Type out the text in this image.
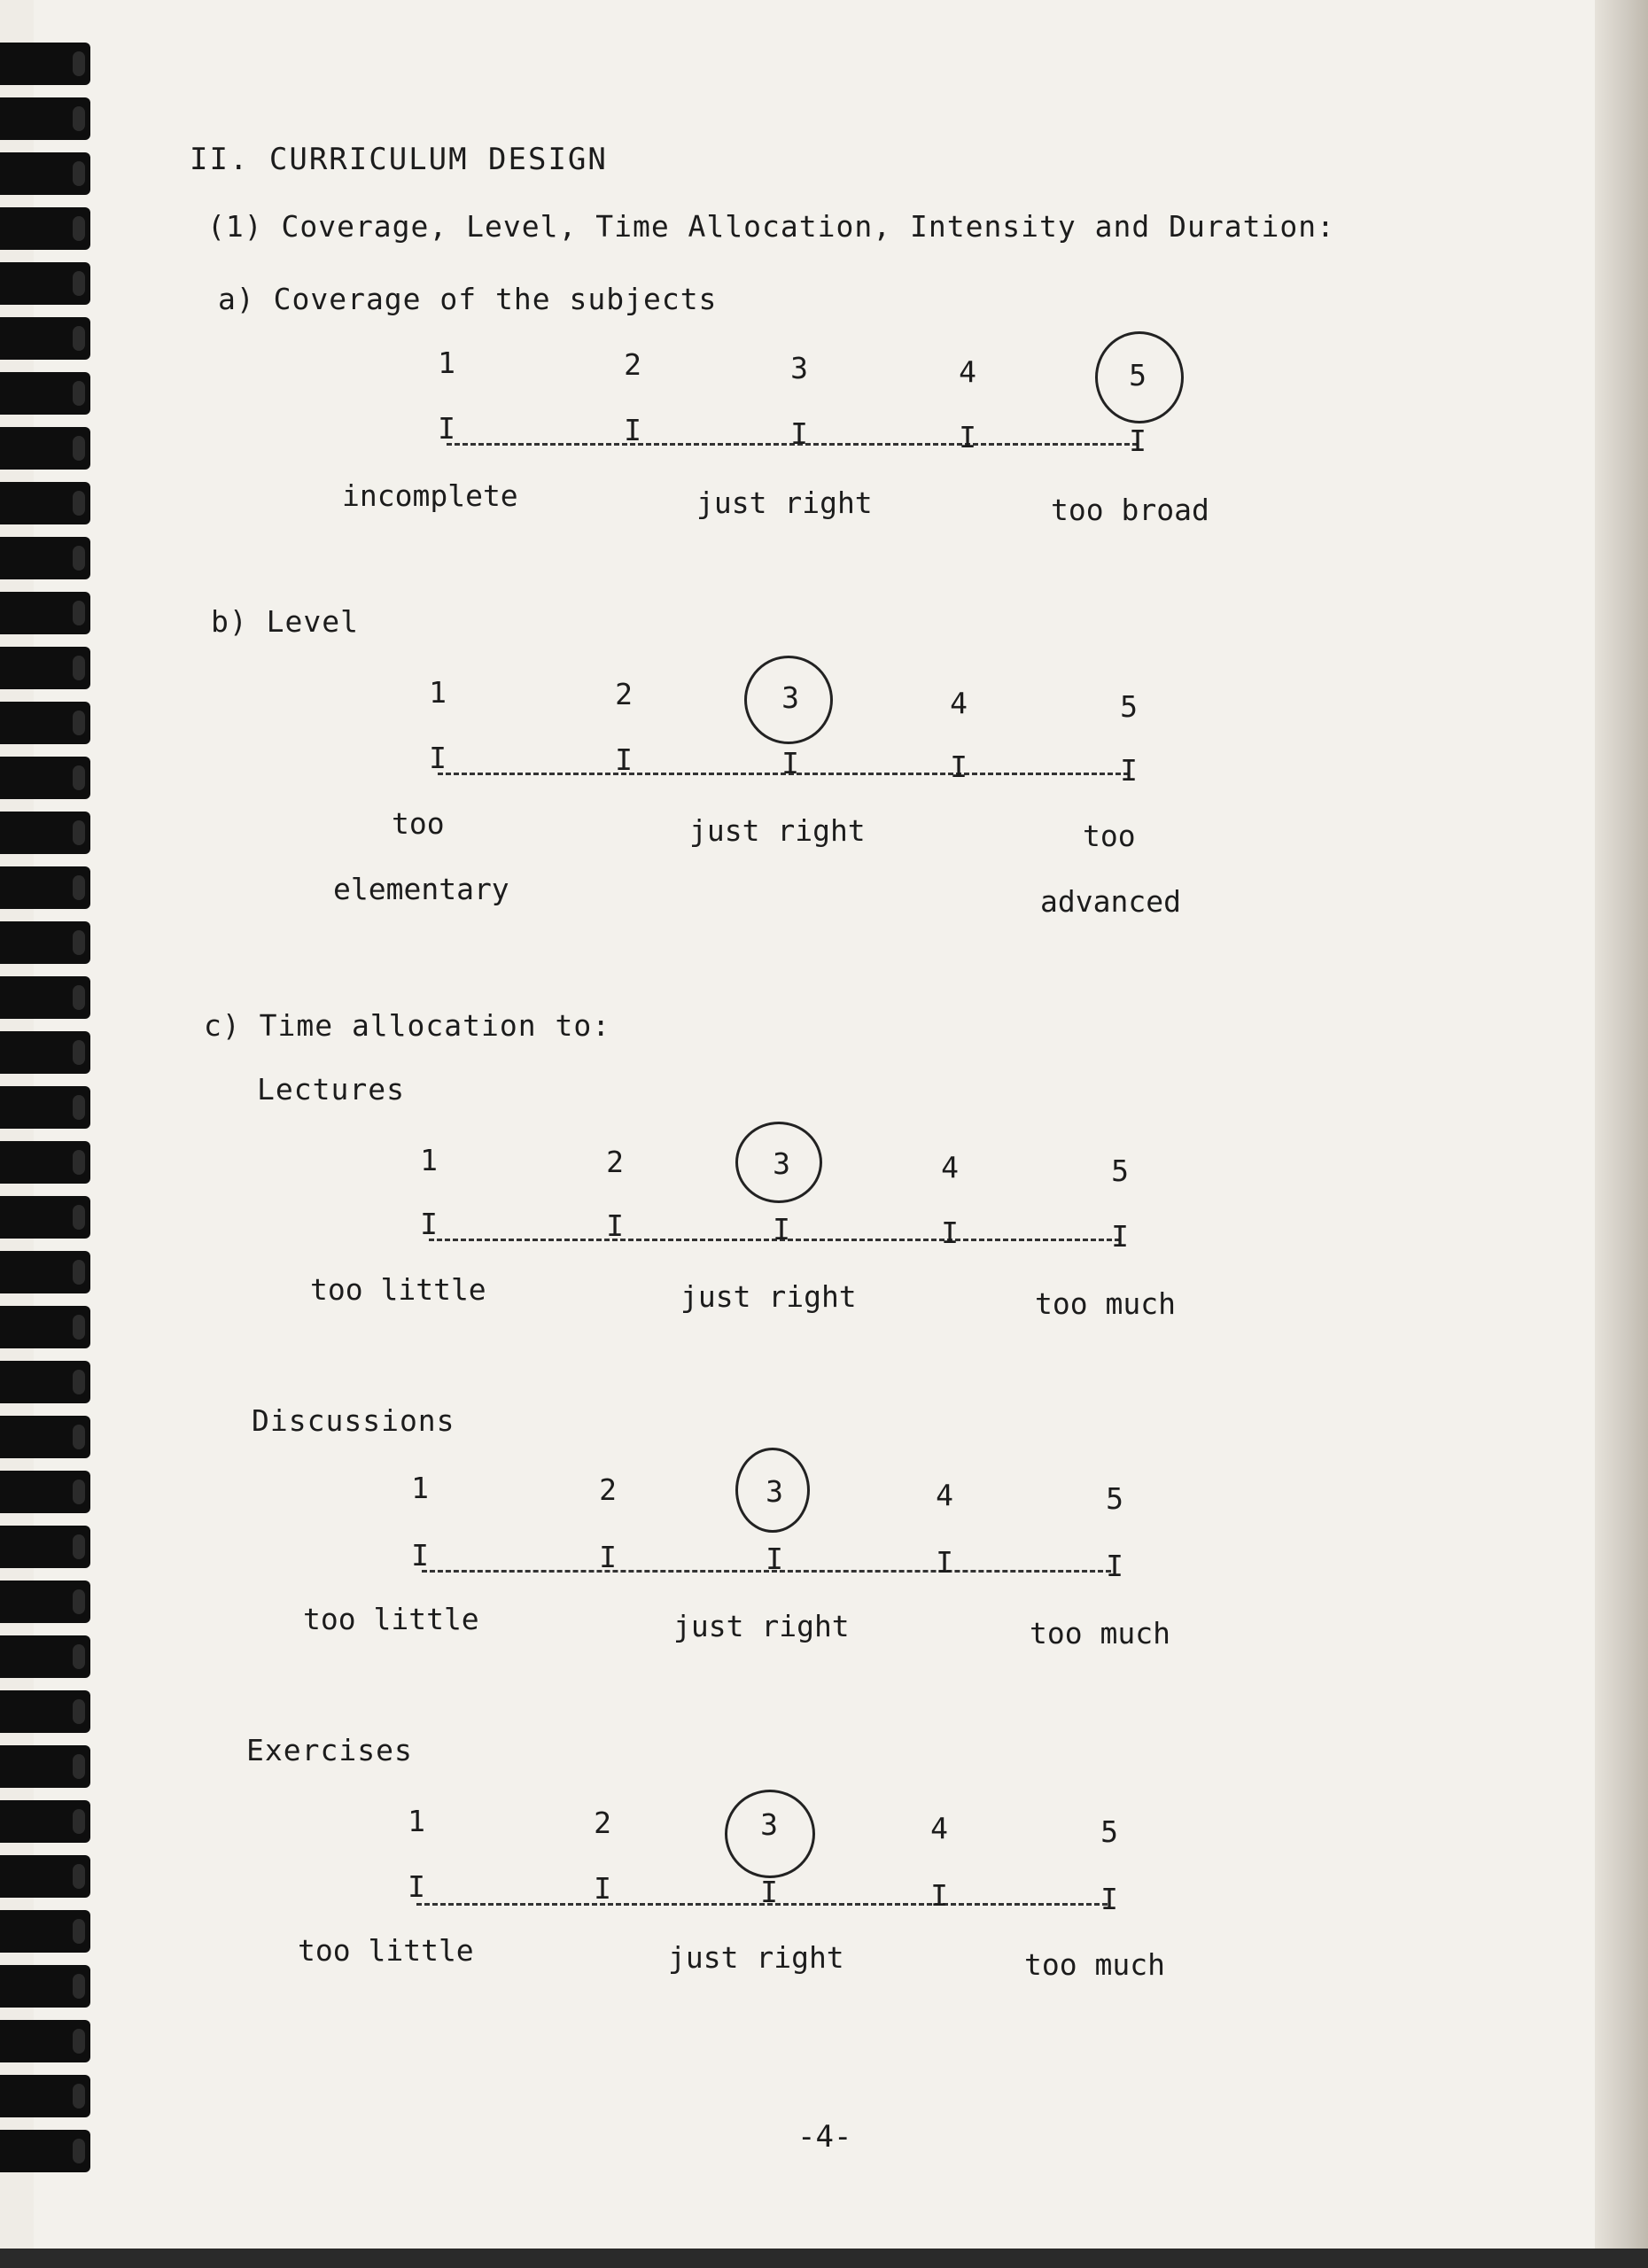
II. CURRICULUM DESIGN
(1) Coverage, Level, Time Allocation, Intensity and Duration:
a) Coverage of the subjects
1	2	3	4	5
I	I	I	I	I
incomplete	just right	too broad
b) Level
1	2	3	4	5
I	I	I	I	I
too
elementary
just right	too
advanced
c) Time allocation to:
Lectures
1	2	3	4	5
I	I	I	I	I
too little	just right	too much
Discussions
1	2	3	4	5
I	I	I	I	I
too little	just right	too much
Exercises
1	2	3	4	5
I	I	I	I	I
too little	just right	too much
-4-
